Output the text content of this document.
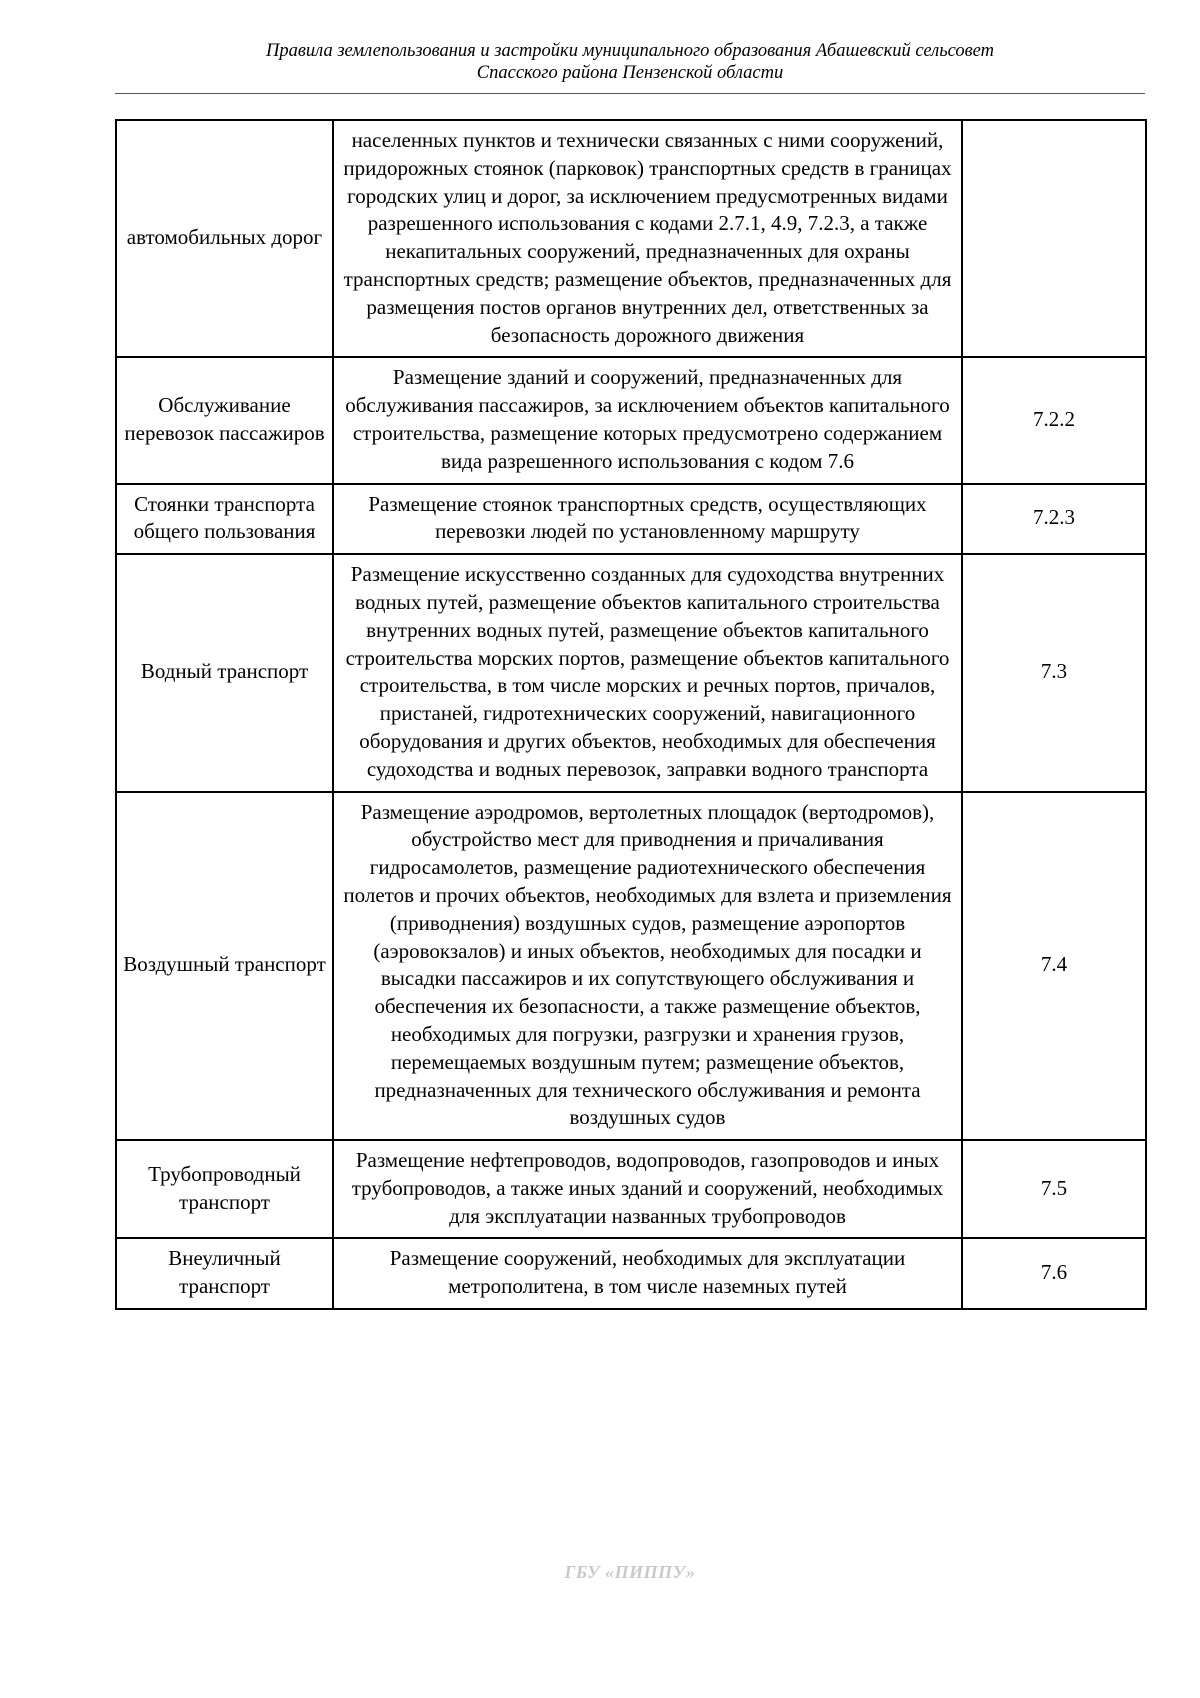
Правила землепользования и застройки муниципального образования Абашевский сельсовет
Спасского района Пензенской области
автомобильных дорог	населенных пунктов и технически связанных с ними сооружений, придорожных стоянок (парковок) транспортных средств в границах городских улиц и дорог, за исключением предусмотренных видами разрешенного использования с кодами 2.7.1, 4.9, 7.2.3, а также некапитальных сооружений, предназначенных для охраны транспортных средств; размещение объектов, предназначенных для размещения постов органов внутренних дел, ответственных за безопасность дорожного движения	
Обслуживание перевозок пассажиров	Размещение зданий и сооружений, предназначенных для обслуживания пассажиров, за исключением объектов капитального строительства, размещение которых предусмотрено содержанием вида разрешенного использования с кодом 7.6	7.2.2
Стоянки транспорта общего пользования	Размещение стоянок транспортных средств, осуществляющих перевозки людей по установленному маршруту	7.2.3
Водный транспорт	Размещение искусственно созданных для судоходства внутренних водных путей, размещение объектов капитального строительства внутренних водных путей, размещение объектов капитального строительства морских портов, размещение объектов капитального строительства, в том числе морских и речных портов, причалов, пристаней, гидротехнических сооружений, навигационного оборудования и других объектов, необходимых для обеспечения судоходства и водных перевозок, заправки водного транспорта	7.3
Воздушный транспорт	Размещение аэродромов, вертолетных площадок (вертодромов), обустройство мест для приводнения и причаливания гидросамолетов, размещение радиотехнического обеспечения полетов и прочих объектов, необходимых для взлета и приземления (приводнения) воздушных судов, размещение аэропортов (аэровокзалов) и иных объектов, необходимых для посадки и высадки пассажиров и их сопутствующего обслуживания и обеспечения их безопасности, а также размещение объектов, необходимых для погрузки, разгрузки и хранения грузов, перемещаемых воздушным путем; размещение объектов, предназначенных для технического обслуживания и ремонта воздушных судов	7.4
Трубопроводный транспорт	Размещение нефтепроводов, водопроводов, газопроводов и иных трубопроводов, а также иных зданий и сооружений, необходимых для эксплуатации названных трубопроводов	7.5
Внеуличный транспорт	Размещение сооружений, необходимых для эксплуатации метрополитена, в том числе наземных путей	7.6
ГБУ «ПИППУ»
